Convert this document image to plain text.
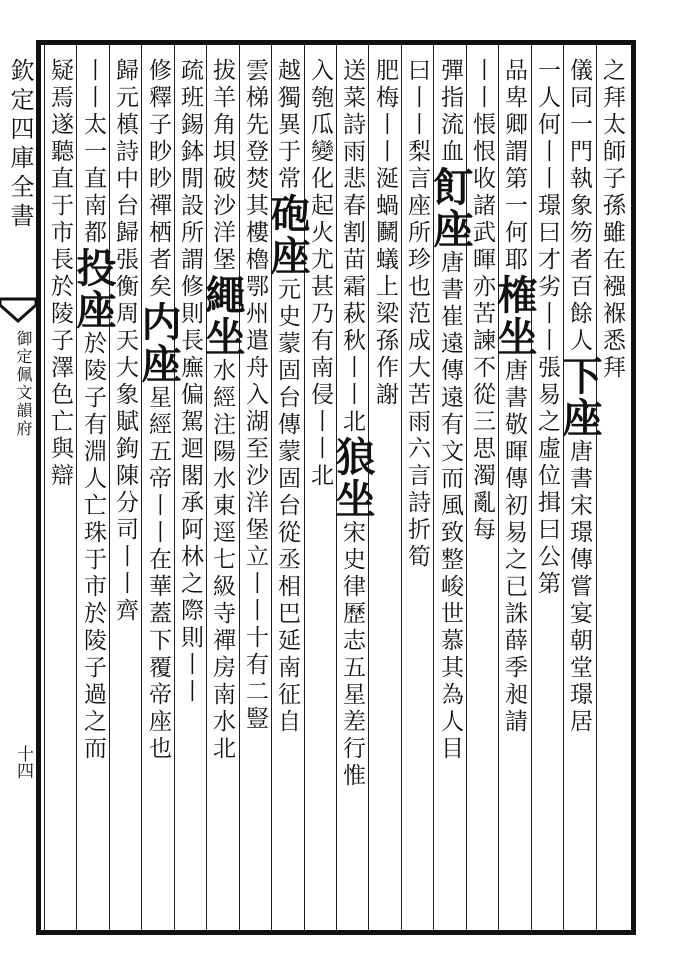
欽定四庫全書
御定佩文韻府
十四
之拜太師子孫雖在襁褓悉拜
儀同一門執象笏者百餘人下座唐書宋璟傳嘗宴朝堂璟居
一人何丨丨璟曰才劣丨丨張易之虛位揖曰公第
品卑卿謂第一何耶榷坐唐書敬暉傳初易之已誅薛季昶請
丨丨悵恨收諸武暉亦苦諫不從三思濁亂每
彈指流血飣座唐書崔遠傳遠有文而風致整峻世慕其為人目
曰丨丨梨言座所珍也范成大苦雨六言詩折筍
肥梅丨丨涎蝸鬭蟻上梁孫作謝
送菜詩雨悲春割苗霜萩秋丨丨北狼坐宋史律歷志五星差行惟
入匏瓜變化起火尤甚乃有南侵丨丨北
越獨異于常砲座元史蒙固台傳蒙固台從丞相巴延南征自
雲梯先登焚其樓櫓鄂州遣舟入湖至沙洋堡立丨丨十有二豎
拔羊角垻破沙洋堡繩坐水經注陽水東逕七級寺禪房南水北
疏班錫鉢閒設所謂修則長廡偏駕迴閣承阿林之際則丨丨
修釋子眇眇禪栖者矣内座星經五帝丨丨在華蓋下覆帝座也
歸元槙詩中台歸張衡周天大象賦鉤陳分司丨丨齊
丨丨太一直南都投座於陵子有淵人亡珠于市於陵子過之而
疑焉遂聽直于市長於陵子澤色亡與辯
